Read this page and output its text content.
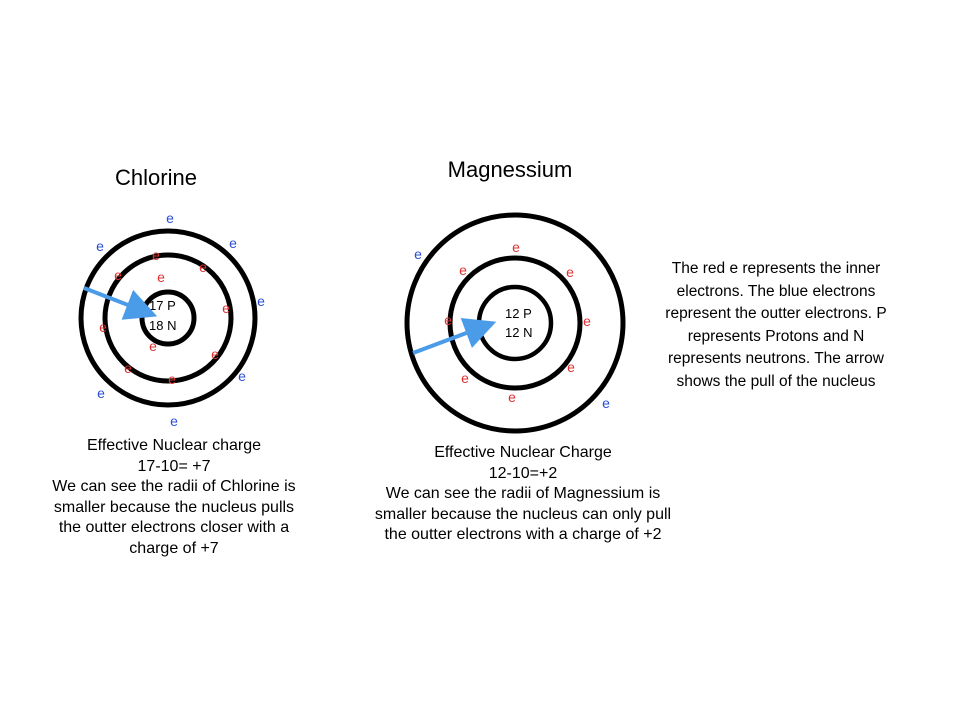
Chlorine
17 P
18 N
e
e	e
e
e
e
e	e
e
e
e
e	e
e
e
e
e
Magnessium
12 P
12 N
e
e	e
e	e
e
e
e
e
e
Effective Nuclear charge
17-10= +7
We can see the radii of Chlorine is
smaller because the nucleus pulls
the outter electrons closer with a
charge of +7
Effective Nuclear Charge
12-10=+2
We can see the radii of Magnessium is
smaller because the nucleus can only pull
the outter electrons with a charge of +2
The red e represents the inner
electrons. The blue electrons
represent the outter electrons. P
represents Protons and N
represents neutrons. The arrow
shows the pull of the nucleus
